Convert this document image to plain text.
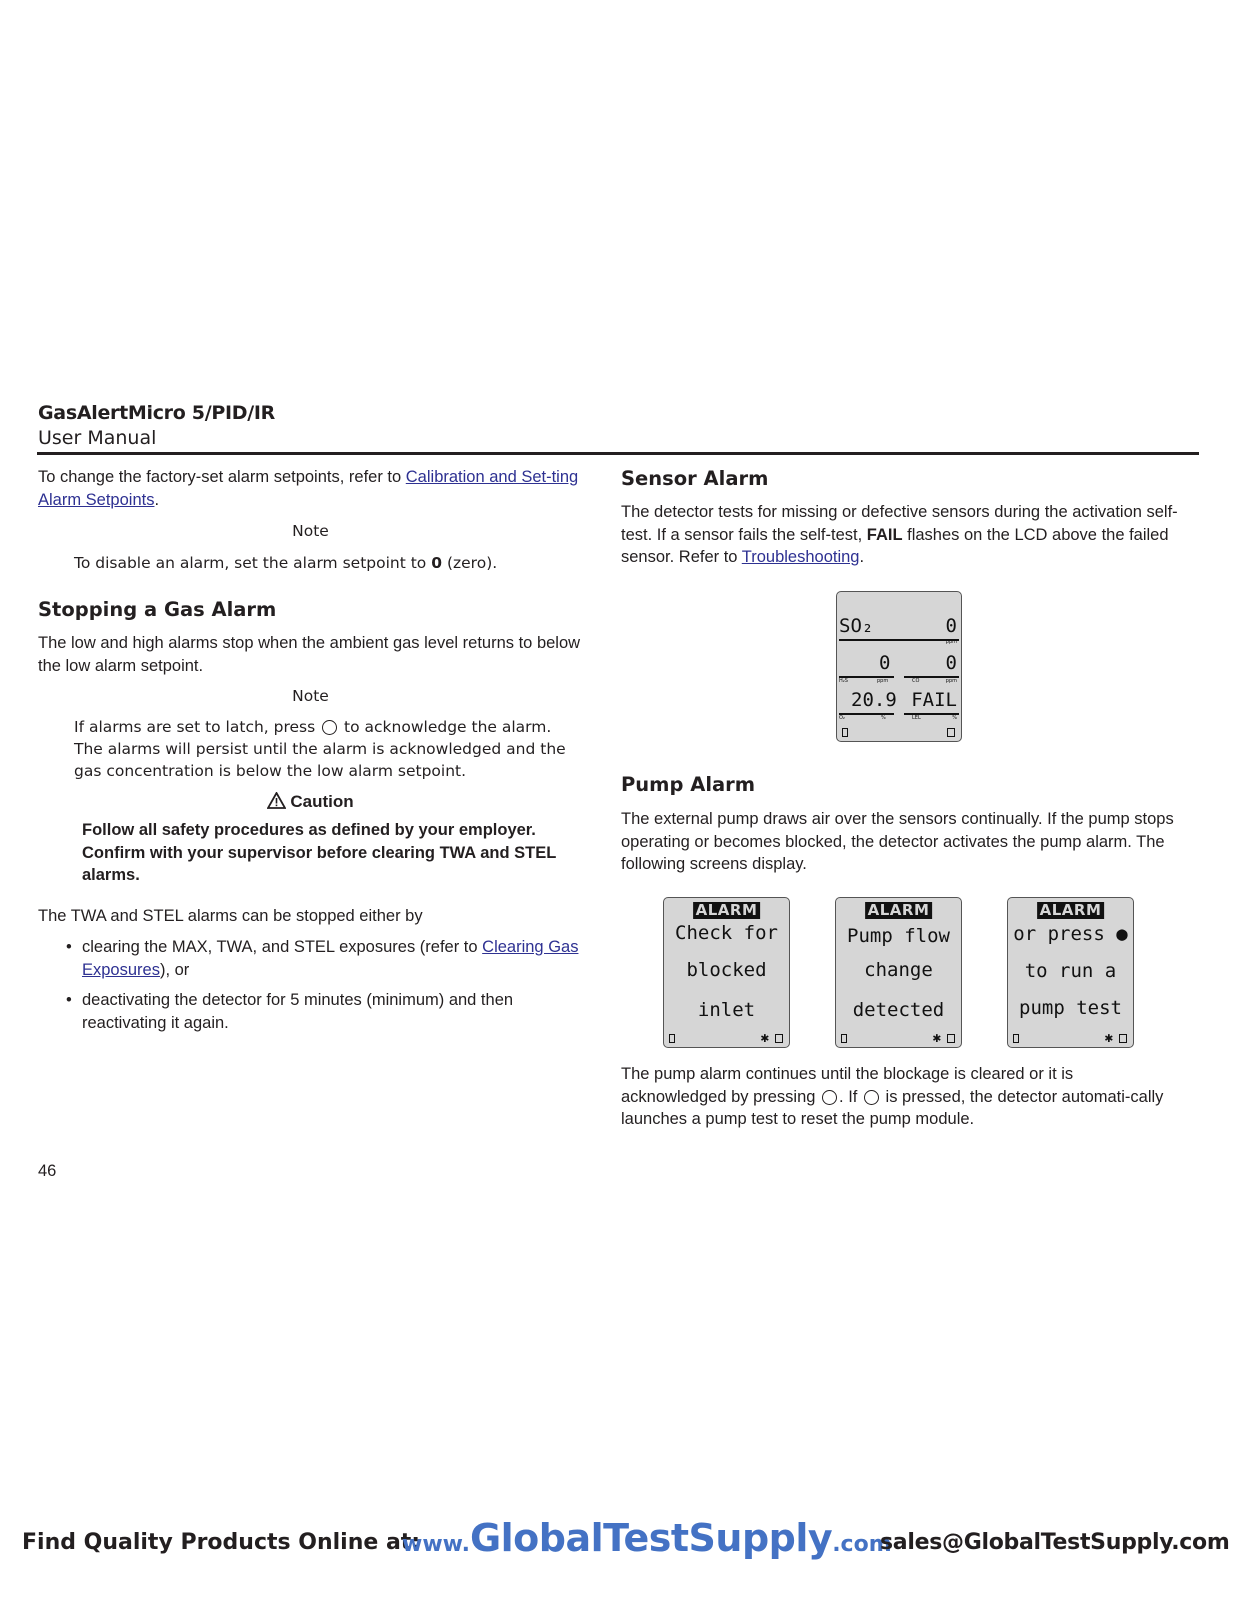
GasAlertMicro 5/PID/IR
User Manual
To change the factory-set alarm setpoints, refer to Calibration and Set-ting Alarm Setpoints.
Note
To disable an alarm, set the alarm setpoint to 0 (zero).
Stopping a Gas Alarm
The low and high alarms stop when the ambient gas level returns to below the low alarm setpoint.
Note
If alarms are set to latch, press  to acknowledge the alarm. The alarms will persist until the alarm is acknowledged and the gas concentration is below the low alarm setpoint.
Caution
Follow all safety procedures as defined by your employer. Confirm with your supervisor before clearing TWA and STEL alarms.
The TWA and STEL alarms can be stopped either by
• clearing the MAX, TWA, and STEL exposures (refer to Clearing Gas Exposures), or
• deactivating the detector for 5 minutes (minimum) and then reactivating it again.
46
Sensor Alarm
The detector tests for missing or defective sensors during the activation self-test. If a sensor fails the self-test, FAIL flashes on the LCD above the failed sensor. Refer to Troubleshooting.
SO₂	0
ppm
0	0
H₂S	ppm	CO	ppm
20.9 FAIL
O₂	%	LEL	%
Pump Alarm
The external pump draws air over the sensors continually. If the pump stops operating or becomes blocked, the detector activates the pump alarm. The following screens display.
ALARM
Check for
blocked
inlet
✱
ALARM
Pump flow
change
detected
✱
ALARM
or press ●
to run a
pump test
✱
The pump alarm continues until the blockage is cleared or it is acknowledged by pressing . If  is pressed, the detector automati-cally launches a pump test to reset the pump module.
Find Quality Products Online at:
www.GlobalTestSupply.com
sales@GlobalTestSupply.com
